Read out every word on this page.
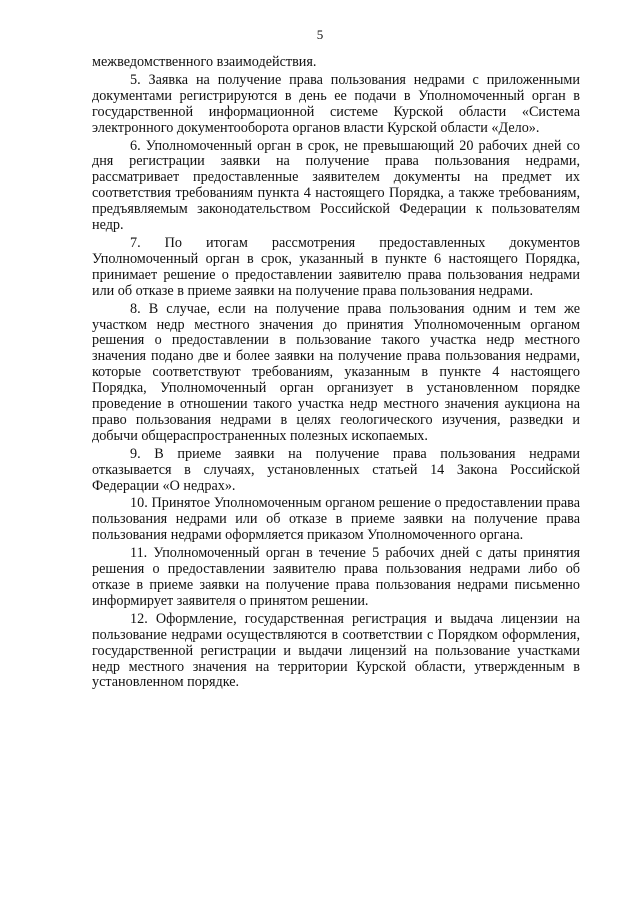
5

межведомственного взаимодействия.

5. Заявка на получение права пользования недрами с приложенными документами регистрируются в день ее подачи в Уполномоченный орган в государственной информационной системе Курской области «Система электронного документооборота органов власти Курской области «Дело».

6. Уполномоченный орган в срок, не превышающий 20 рабочих дней со дня регистрации заявки на получение права пользования недрами, рассматривает предоставленные заявителем документы на предмет их соответствия требованиям пункта 4 настоящего Порядка, а также требованиям, предъявляемым законодательством Российской Федерации к пользователям недр.

7. По итогам рассмотрения предоставленных документов Уполномоченный орган в срок, указанный в пункте 6 настоящего Порядка, принимает решение о предоставлении заявителю права пользования недрами или об отказе в приеме заявки на получение права пользования недрами.

8. В случае, если на получение права пользования одним и тем же участком недр местного значения до принятия Уполномоченным органом решения о предоставлении в пользование такого участка недр местного значения подано две и более заявки на получение права пользования недрами, которые соответствуют требованиям, указанным в пункте 4 настоящего Порядка, Уполномоченный орган организует в установленном порядке проведение в отношении такого участка недр местного значения аукциона на право пользования недрами в целях геологического изучения, разведки и добычи общераспространенных полезных ископаемых.

9. В приеме заявки на получение права пользования недрами отказывается в случаях, установленных статьей 14 Закона Российской Федерации «О недрах».

10. Принятое Уполномоченным органом решение о предоставлении права пользования недрами или об отказе в приеме заявки на получение права пользования недрами оформляется приказом Уполномоченного органа.

11. Уполномоченный орган в течение 5 рабочих дней с даты принятия решения о предоставлении заявителю права пользования недрами либо об отказе в приеме заявки на получение права пользования недрами письменно информирует заявителя о принятом решении.

12. Оформление, государственная регистрация и выдача лицензии на пользование недрами осуществляются в соответствии с Порядком оформления, государственной регистрации и выдачи лицензий на пользование участками недр местного значения на территории Курской области, утвержденным в установленном порядке.
